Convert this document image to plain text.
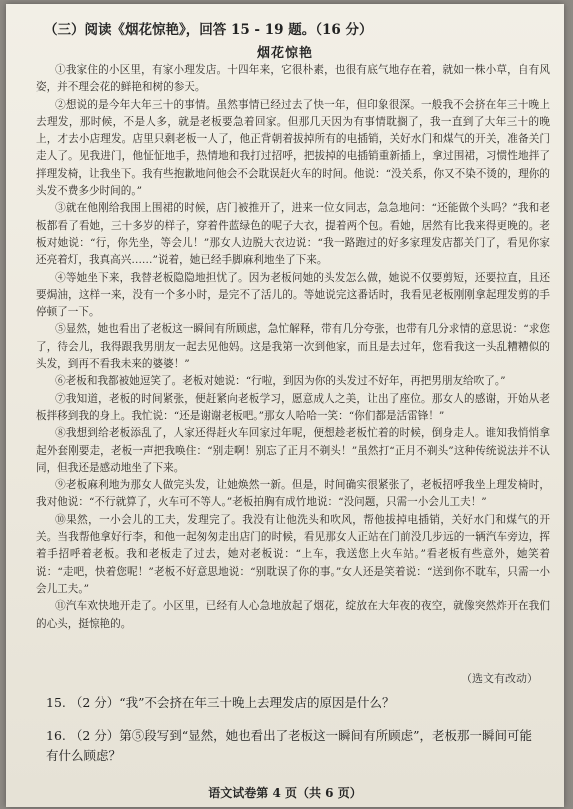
（三）阅读《烟花惊艳》，回答 15 - 19 题。（16 分）
烟花惊艳

①我家住的小区里，有家小理发店。十四年来，它很朴素，也很有底气地存在着，就如一株小草，自有风姿，并不理会花的鲜艳和树的参天。

②想说的是今年大年三十的事情。虽然事情已经过去了快一年，但印象很深。一般我不会挤在年三十晚上去理发，那时候，不是人多，就是老板要急着回家。但那几天因为有事情耽搁了，我一直到了大年三十的晚上，才去小店理发。店里只剩老板一人了，他正背朝着拔掉所有的电插销，关好水门和煤气的开关，准备关门走人了。见我进门，他怔怔地手，热情地和我打过招呼，把拔掉的电插销重新插上，拿过围裙，习惯性地拌了拌理发椅，让我坐下。我有些抱歉地问他会不会耽误赶火车的时间。他说：“没关系，你又不染不烫的，理你的头发不费多少时间的。”

③就在他刚给我围上围裙的时候，店门被推开了，进来一位女同志，急急地问：“还能做个头吗？”我和老板都看了看她，三十多岁的样子，穿着件蓝绿色的呢子大衣，提着两个包。看她，居然有比我来得更晚的。老板对她说：“行，你先坐，等会儿！”那女人边脱大衣边说：“我一路跑过的好多家理发店都关门了，看见你家还亮着灯，我真高兴……”说着，她已经手脚麻利地坐了下来。

④等她坐下来，我替老板隐隐地担忧了。因为老板问她的头发怎么做，她说不仅要剪短，还要拉直，且还要焗油，这样一来，没有一个多小时，是完不了活儿的。等她说完这番话时，我看见老板刚刚拿起理发剪的手停顿了一下。

⑤显然，她也看出了老板这一瞬间有所顾虑，急忙解释，带有几分夸张，也带有几分求情的意思说：“求您了，待会儿，我得跟我男朋友一起去见他妈。这是我第一次到他家，而且是去过年，您看我这一头乱糟糟似的头发，到再不看我未来的婆婆！”

⑥老板和我都被她逗笑了。老板对她说：“行啦，到因为你的头发过不好年，再把男朋友给吹了。”

⑦我知道，老板的时间紧张，便赶紧向老板学习，愿意成人之美，让出了座位。那女人的感谢，开始从老板拌移到我的身上。我忙说：“还是谢谢老板吧。”那女人哈哈一笑：“你们都是活雷锋！”

⑧我想到给老板添乱了，人家还得赶火车回家过年呢，便想趁老板忙着的时候，倒身走人。谁知我悄悄拿起外套刚要走，老板一声把我唤住：“别走啊！别忘了正月不剃头！”虽然打“正月不剃头”这种传统说法并不认同，但我还是感动地坐了下来。

⑨老板麻利地为那女人做完头发，让她焕然一新。但是，时间确实很紧张了，老板招呼我坐上理发椅时，我对他说：“不行就算了，火车可不等人。”老板拍胸有成竹地说：“没问题，只需一小会儿工夫！”

⑩果然，一小会儿的工夫，发理完了。我没有让他洗头和吹风，帮他拔掉电插销，关好水门和煤气的开关。当我帮他拿好行李，和他一起匆匆走出店门的时候，看见那女人正站在门前没几步远的一辆汽车旁边，挥着手招呼着老板。我和老板走了过去，她对老板说：“上车，我送您上火车站。”看老板有些意外，她笑着说：“走吧，快着您呢！”老板不好意思地说：“别耽误了你的事。”女人还是笑着说：“送到你不耽车，只需一小会儿工夫。”

⑪汽车欢快地开走了。小区里，已经有人心急地放起了烟花，绽放在大年夜的夜空，就像突然炸开在我们的心头，挺惊艳的。

（选文有改动）
15. （2 分）“我”不会挤在年三十晚上去理发店的原因是什么？
16. （2 分）第⑤段写到“显然，她也看出了老板这一瞬间有所顾虑”，老板那一瞬间可能有什么顾虑？
语文试卷第 4 页（共 6 页）
